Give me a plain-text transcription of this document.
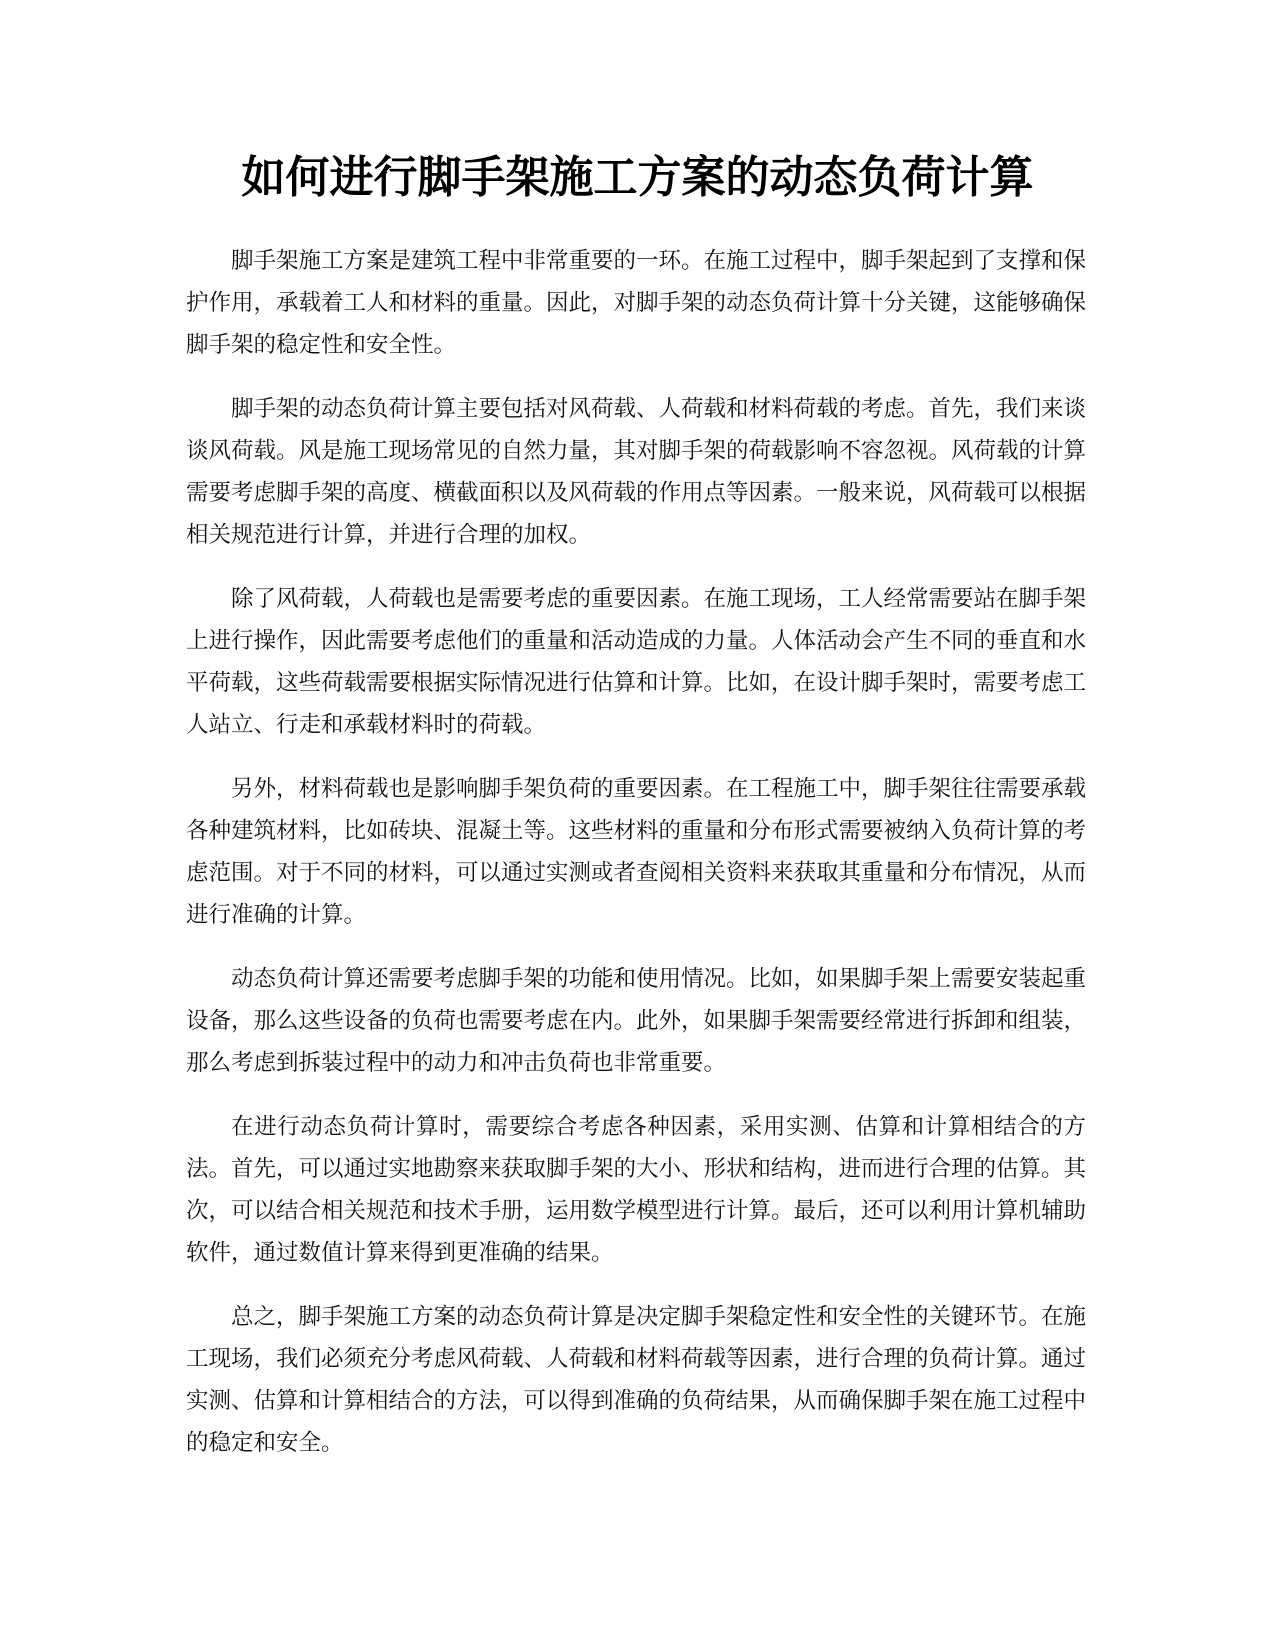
如何进行脚手架施工方案的动态负荷计算

脚手架施工方案是建筑工程中非常重要的一环。在施工过程中，脚手架起到了支撑和保护作用，承载着工人和材料的重量。因此，对脚手架的动态负荷计算十分关键，这能够确保脚手架的稳定性和安全性。

脚手架的动态负荷计算主要包括对风荷载、人荷载和材料荷载的考虑。首先，我们来谈谈风荷载。风是施工现场常见的自然力量，其对脚手架的荷载影响不容忽视。风荷载的计算需要考虑脚手架的高度、横截面积以及风荷载的作用点等因素。一般来说，风荷载可以根据相关规范进行计算，并进行合理的加权。

除了风荷载，人荷载也是需要考虑的重要因素。在施工现场，工人经常需要站在脚手架上进行操作，因此需要考虑他们的重量和活动造成的力量。人体活动会产生不同的垂直和水平荷载，这些荷载需要根据实际情况进行估算和计算。比如，在设计脚手架时，需要考虑工人站立、行走和承载材料时的荷载。

另外，材料荷载也是影响脚手架负荷的重要因素。在工程施工中，脚手架往往需要承载各种建筑材料，比如砖块、混凝土等。这些材料的重量和分布形式需要被纳入负荷计算的考虑范围。对于不同的材料，可以通过实测或者查阅相关资料来获取其重量和分布情况，从而进行准确的计算。

动态负荷计算还需要考虑脚手架的功能和使用情况。比如，如果脚手架上需要安装起重设备，那么这些设备的负荷也需要考虑在内。此外，如果脚手架需要经常进行拆卸和组装，那么考虑到拆装过程中的动力和冲击负荷也非常重要。

在进行动态负荷计算时，需要综合考虑各种因素，采用实测、估算和计算相结合的方法。首先，可以通过实地勘察来获取脚手架的大小、形状和结构，进而进行合理的估算。其次，可以结合相关规范和技术手册，运用数学模型进行计算。最后，还可以利用计算机辅助软件，通过数值计算来得到更准确的结果。

总之，脚手架施工方案的动态负荷计算是决定脚手架稳定性和安全性的关键环节。在施工现场，我们必须充分考虑风荷载、人荷载和材料荷载等因素，进行合理的负荷计算。通过实测、估算和计算相结合的方法，可以得到准确的负荷结果，从而确保脚手架在施工过程中的稳定和安全。
